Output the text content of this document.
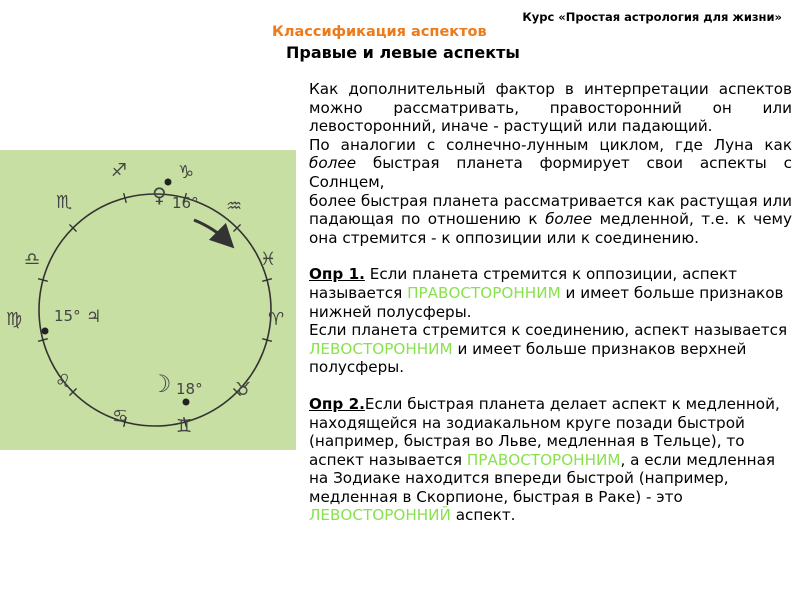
Курс «Простая астрология для жизни»
Классификация аспектов
Правые и левые аспекты
♑
♒
♓
♈
♉
♊
♋
♌
♍
♎
♏
♐
♀ 16°
15° ♃
☽ 18°
Как дополнительный фактор в интерпретации аспектов можно рассматривать, правосторонний он или левосторонний, иначе - растущий или падающий.
По аналогии с солнечно-лунным циклом, где Луна как более быстрая планета формирует свои аспекты с Солнцем,
более быстрая планета рассматривается как растущая или падающая по отношению к более медленной, т.е. к чему она стремится - к оппозиции или к соединению.
Опр 1. Если планета стремится к оппозиции, аспект называется ПРАВОСТОРОННИМ и имеет больше признаков нижней полусферы.
Если планета стремится к соединению, аспект называется ЛЕВОСТОРОННИМ и имеет больше признаков верхней полусферы.
Опр 2.Если быстрая планета делает аспект к медленной, находящейся на зодиакальном круге позади быстрой (например, быстрая во Льве, медленная в Тельце), то аспект называется ПРАВОСТОРОННИМ, а если медленная на Зодиаке находится впереди быстрой (например, медленная в Скорпионе, быстрая в Раке) - это ЛЕВОСТОРОННИЙ аспект.
